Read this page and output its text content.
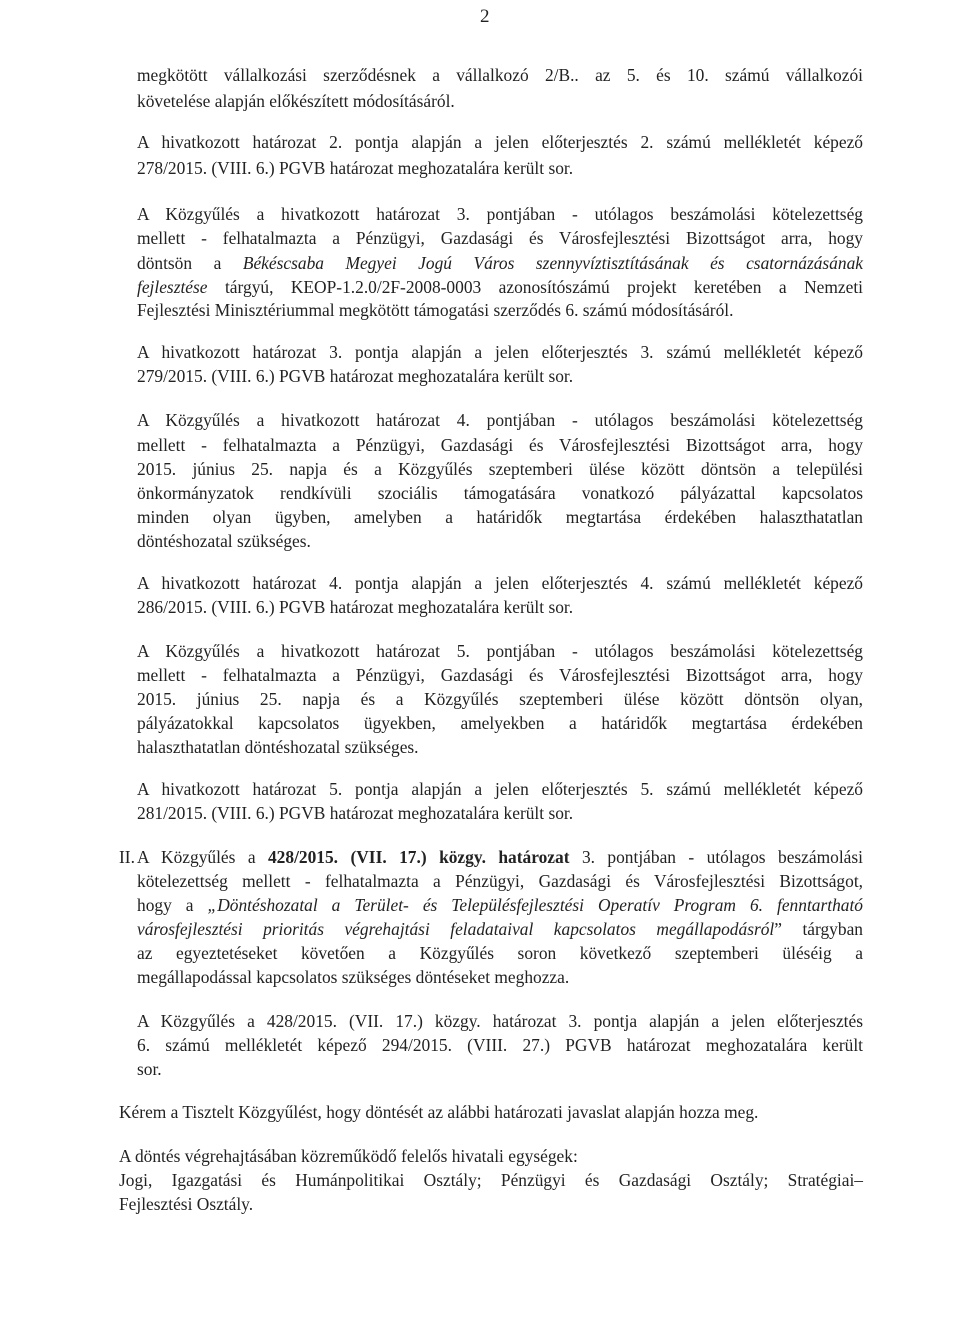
2
megkötött vállalkozási szerződésnek a vállalkozó 2/B.. az 5. és 10. számú vállalkozói
követelése alapján előkészített módosításáról.
A hivatkozott határozat 2. pontja alapján a jelen előterjesztés 2. számú mellékletét képező
278/2015. (VIII. 6.) PGVB határozat meghozatalára került sor.
A Közgyűlés a hivatkozott határozat 3. pontjában - utólagos beszámolási kötelezettség
mellett - felhatalmazta a Pénzügyi, Gazdasági és Városfejlesztési Bizottságot arra, hogy
döntsön a Békéscsaba Megyei Jogú Város szennyvíztisztításának és csatornázásának
fejlesztése tárgyú, KEOP-1.2.0/2F-2008-0003 azonosítószámú projekt keretében a Nemzeti
Fejlesztési Minisztériummal megkötött támogatási szerződés 6. számú módosításáról.
A hivatkozott határozat 3. pontja alapján a jelen előterjesztés 3. számú mellékletét képező
279/2015. (VIII. 6.) PGVB határozat meghozatalára került sor.
A Közgyűlés a hivatkozott határozat 4. pontjában - utólagos beszámolási kötelezettség
mellett - felhatalmazta a Pénzügyi, Gazdasági és Városfejlesztési Bizottságot arra, hogy
2015. június 25. napja és a Közgyűlés szeptemberi ülése között döntsön a települési
önkormányzatok rendkívüli szociális támogatására vonatkozó pályázattal kapcsolatos
minden olyan ügyben, amelyben a határidők megtartása érdekében halaszthatatlan
döntéshozatal szükséges.
A hivatkozott határozat 4. pontja alapján a jelen előterjesztés 4. számú mellékletét képező
286/2015. (VIII. 6.) PGVB határozat meghozatalára került sor.
A Közgyűlés a hivatkozott határozat 5. pontjában - utólagos beszámolási kötelezettség
mellett - felhatalmazta a Pénzügyi, Gazdasági és Városfejlesztési Bizottságot arra, hogy
2015. június 25. napja és a Közgyűlés szeptemberi ülése között döntsön olyan,
pályázatokkal kapcsolatos ügyekben, amelyekben a határidők megtartása érdekében
halaszthatatlan döntéshozatal szükséges.
A hivatkozott határozat 5. pontja alapján a jelen előterjesztés 5. számú mellékletét képező
281/2015. (VIII. 6.) PGVB határozat meghozatalára került sor.
II. A Közgyűlés a 428/2015. (VII. 17.) közgy. határozat 3. pontjában - utólagos beszámolási
kötelezettség mellett - felhatalmazta a Pénzügyi, Gazdasági és Városfejlesztési Bizottságot,
hogy a „Döntéshozatal a Terület- és Településfejlesztési Operatív Program 6. fenntartható
városfejlesztési prioritás végrehajtási feladataival kapcsolatos megállapodásról” tárgyban
az egyeztetéseket követően a Közgyűlés soron következő szeptemberi üléséig a
megállapodással kapcsolatos szükséges döntéseket meghozza.
A Közgyűlés a 428/2015. (VII. 17.) közgy. határozat 3. pontja alapján a jelen előterjesztés
6. számú mellékletét képező 294/2015. (VIII. 27.) PGVB határozat meghozatalára került
sor.
Kérem a Tisztelt Közgyűlést, hogy döntését az alábbi határozati javaslat alapján hozza meg.
A döntés végrehajtásában közreműködő felelős hivatali egységek:
Jogi, Igazgatási és Humánpolitikai Osztály; Pénzügyi és Gazdasági Osztály; Stratégiai–
Fejlesztési Osztály.
